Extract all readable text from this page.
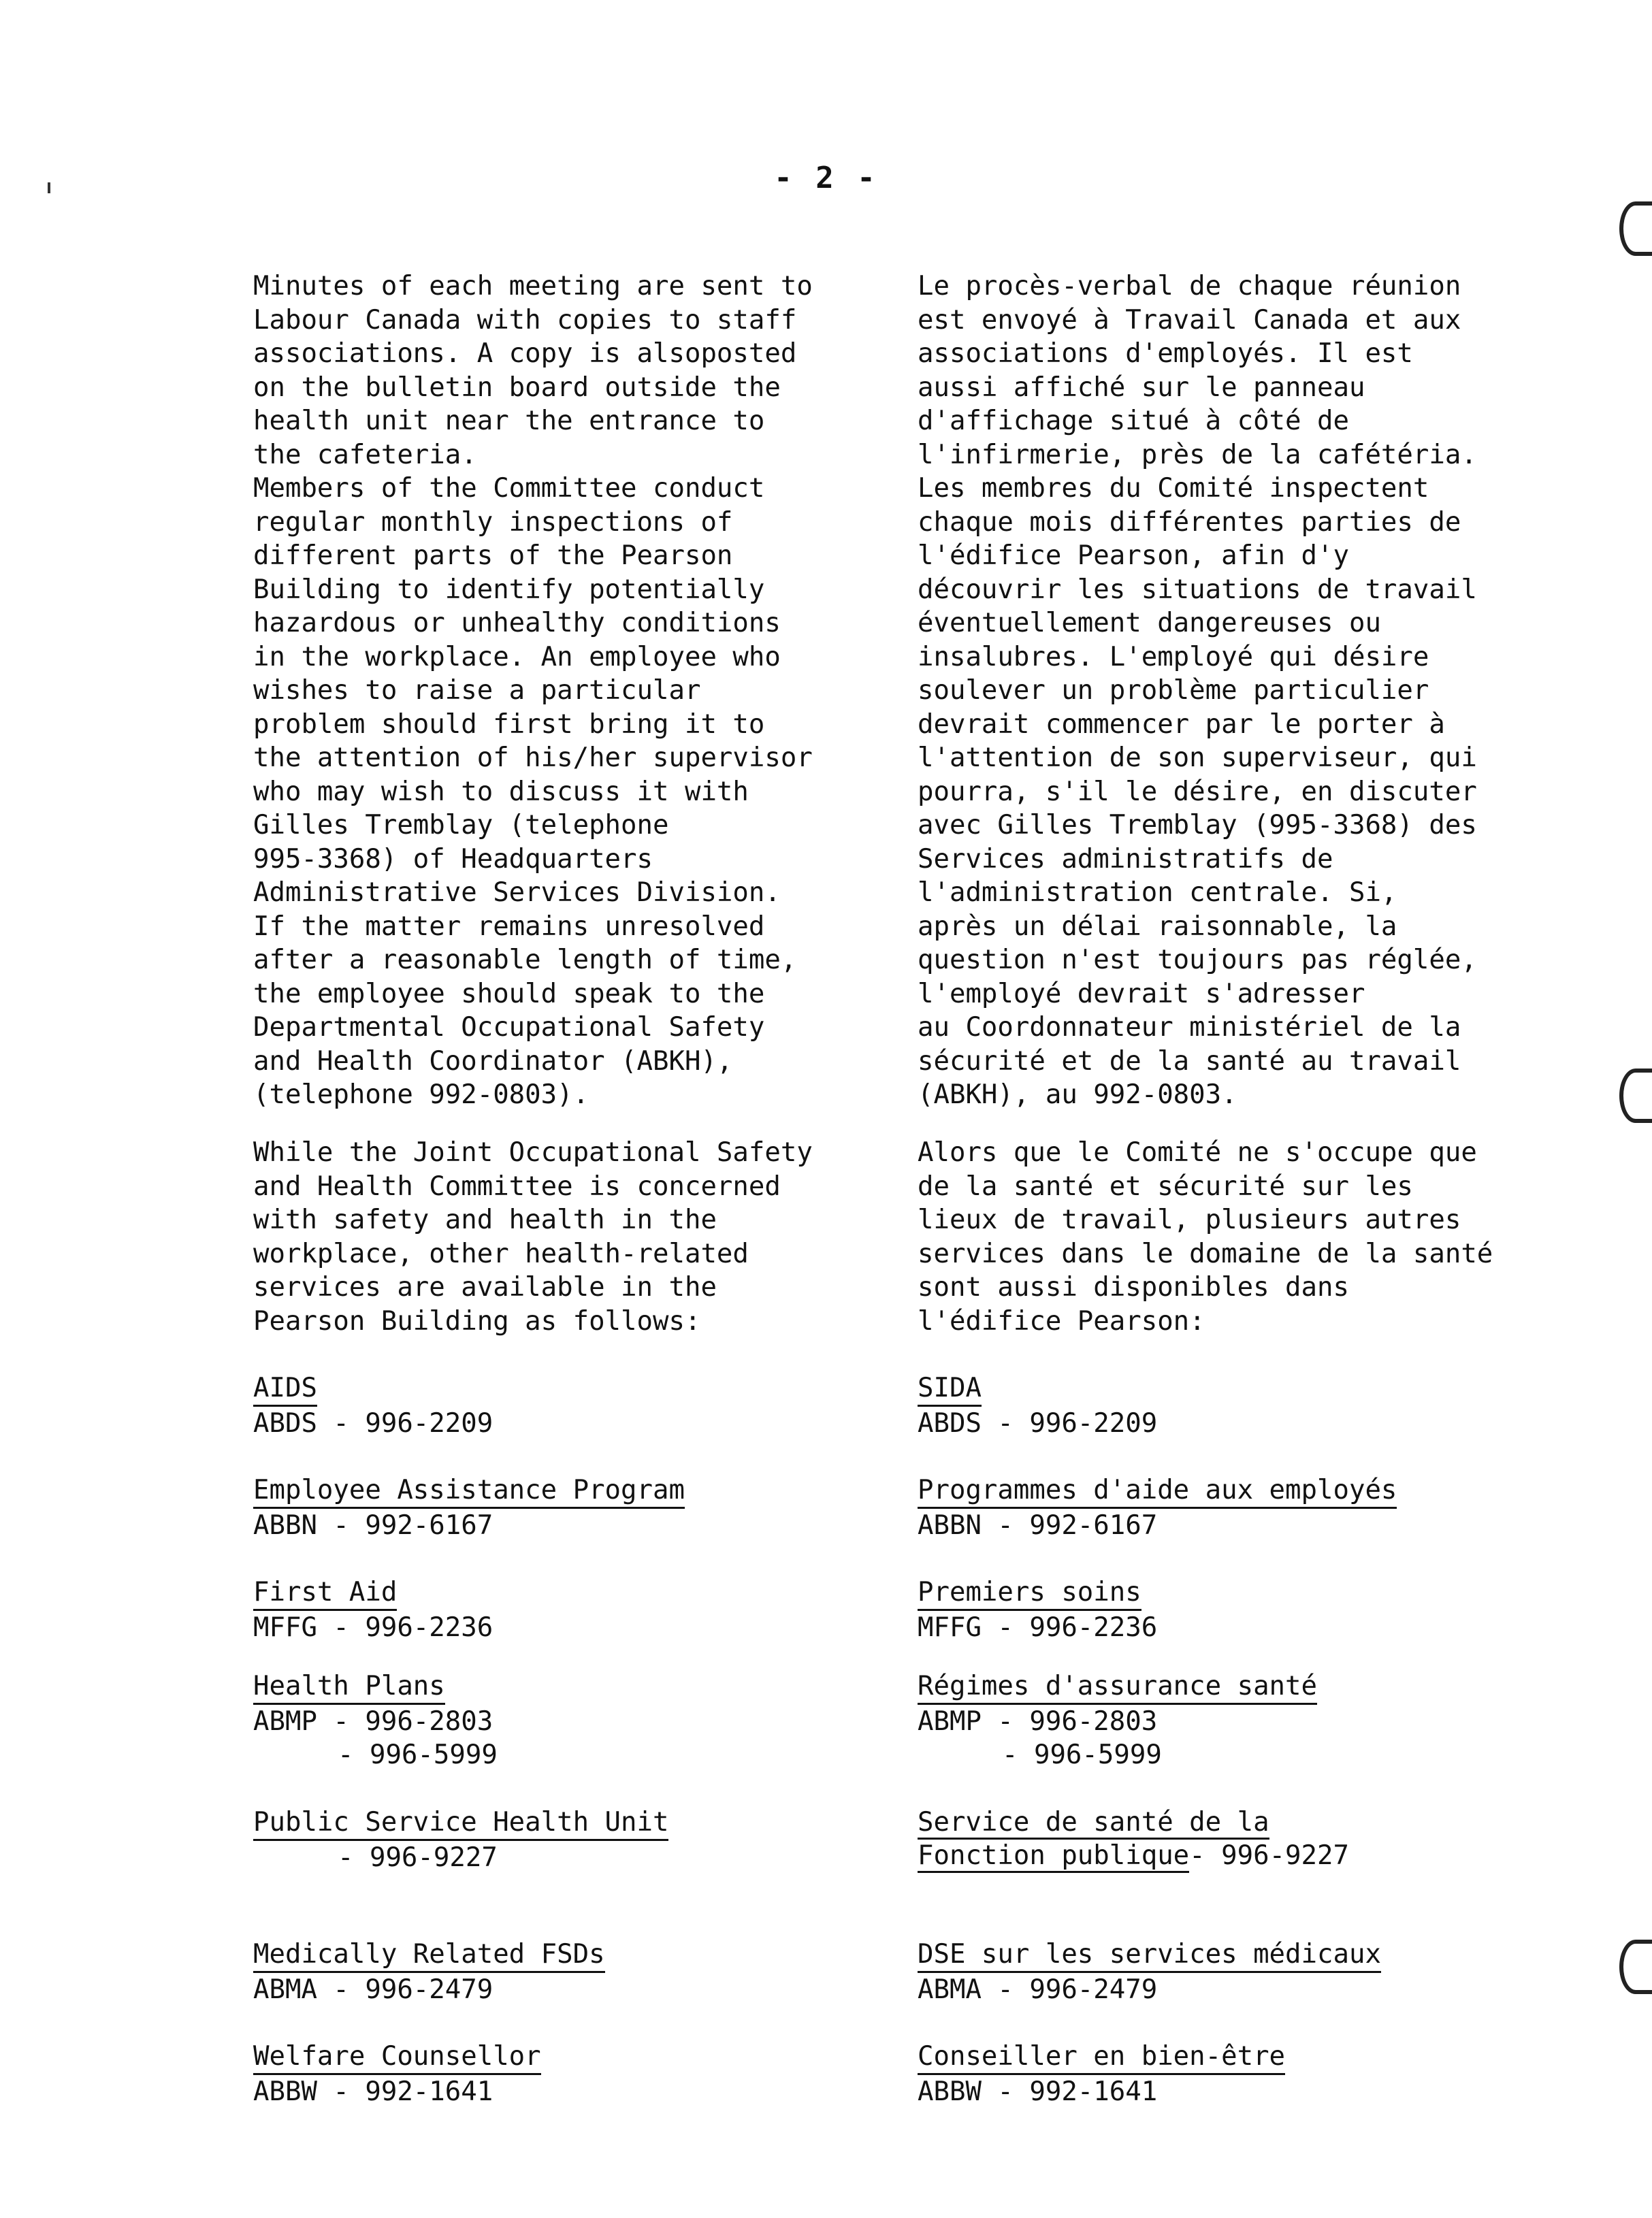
- 2 -

Minutes of each meeting are sent to
Labour Canada with copies to staff
associations. A copy is alsoposted
on the bulletin board outside the
health unit near the entrance to
the cafeteria.

Members of the Committee conduct
regular monthly inspections of
different parts of the Pearson
Building to identify potentially
hazardous or unhealthy conditions
in the workplace. An employee who
wishes to raise a particular
problem should first bring it to
the attention of his/her supervisor
who may wish to discuss it with
Gilles Tremblay (telephone
995-3368) of Headquarters
Administrative Services Division.
If the matter remains unresolved
after a reasonable length of time,
the employee should speak to the
Departmental Occupational Safety
and Health Coordinator (ABKH),
(telephone 992-0803).

While the Joint Occupational Safety
and Health Committee is concerned
with safety and health in the
workplace, other health-related
services are available in the
Pearson Building as follows:

AIDS
ABDS - 996-2209
Employee Assistance Program
ABBN - 992-6167
First Aid
MFFG - 996-2236
Health Plans
ABMP - 996-2803
- 996-5999
Public Service Health Unit
- 996-9227
Medically Related FSDs
ABMA - 996-2479
Welfare Counsellor
ABBW - 992-1641

Le procès-verbal de chaque réunion
est envoyé à Travail Canada et aux
associations d'employés. Il est
aussi affiché sur le panneau
d'affichage situé à côté de
l'infirmerie, près de la cafétéria.

Les membres du Comité inspectent
chaque mois différentes parties de
l'édifice Pearson, afin d'y
découvrir les situations de travail
éventuellement dangereuses ou
insalubres. L'employé qui désire
soulever un problème particulier
devrait commencer par le porter à
l'attention de son superviseur, qui
pourra, s'il le désire, en discuter
avec Gilles Tremblay (995-3368) des
Services administratifs de
l'administration centrale. Si,
après un délai raisonnable, la
question n'est toujours pas réglée,
l'employé devrait s'adresser
au Coordonnateur ministériel de la
sécurité et de la santé au travail
(ABKH), au 992-0803.

Alors que le Comité ne s'occupe que
de la santé et sécurité sur les
lieux de travail, plusieurs autres
services dans le domaine de la santé
sont aussi disponibles dans
l'édifice Pearson:

SIDA
ABDS - 996-2209
Programmes d'aide aux employés
ABBN - 992-6167
Premiers soins
MFFG - 996-2236
Régimes d'assurance santé
ABMP - 996-2803
- 996-5999
Service de santé de la
Fonction publique- 996-9227
DSE sur les services médicaux
ABMA - 996-2479
Conseiller en bien-être
ABBW - 992-1641
